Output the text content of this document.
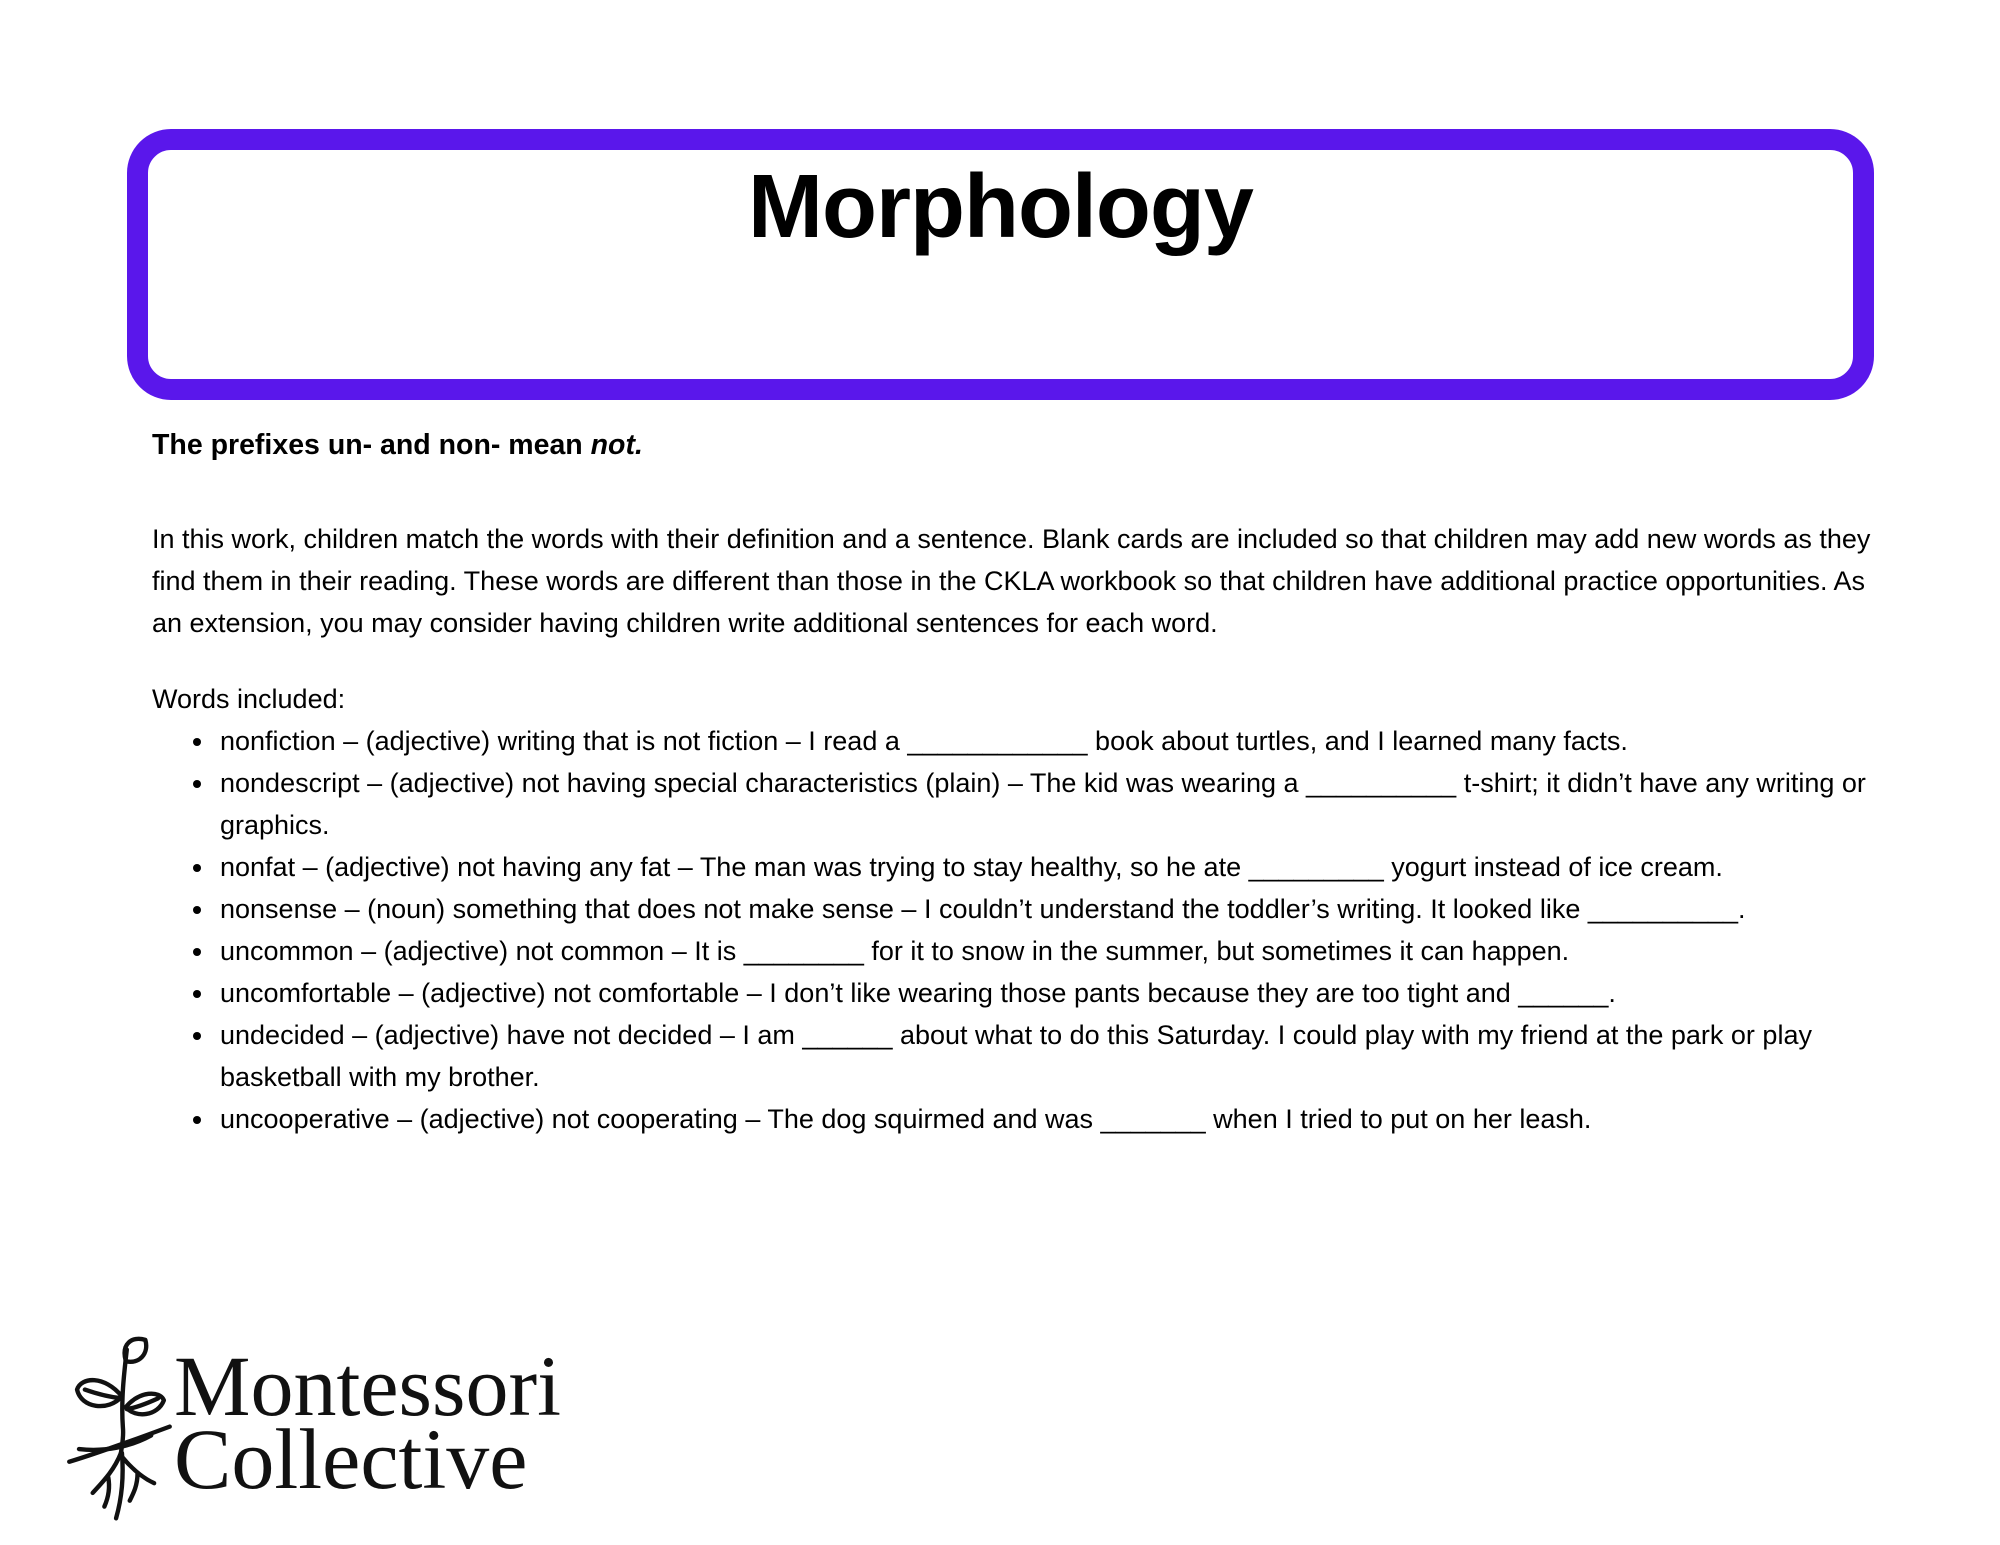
Morphology

The prefixes un- and non- mean not.

In this work, children match the words with their definition and a sentence. Blank cards are included so that children may add new words as they find them in their reading. These words are different than those in the CKLA workbook so that children have additional practice opportunities. As an extension, you may consider having children write additional sentences for each word.

Words included:

• nonfiction – (adjective) writing that is not fiction – I read a ____________ book about turtles, and I learned many facts.
• nondescript – (adjective) not having special characteristics (plain) – The kid was wearing a __________ t-shirt; it didn’t have any writing or graphics.
• nonfat – (adjective) not having any fat – The man was trying to stay healthy, so he ate _________ yogurt instead of ice cream.
• nonsense – (noun) something that does not make sense – I couldn’t understand the toddler’s writing. It looked like __________.
• uncommon – (adjective) not common – It is ________ for it to snow in the summer, but sometimes it can happen.
• uncomfortable – (adjective) not comfortable – I don’t like wearing those pants because they are too tight and ______.
• undecided – (adjective) have not decided – I am ______ about what to do this Saturday. I could play with my friend at the park or play basketball with my brother.
• uncooperative – (adjective) not cooperating – The dog squirmed and was _______ when I tried to put on her leash.
Montessori
Collective
